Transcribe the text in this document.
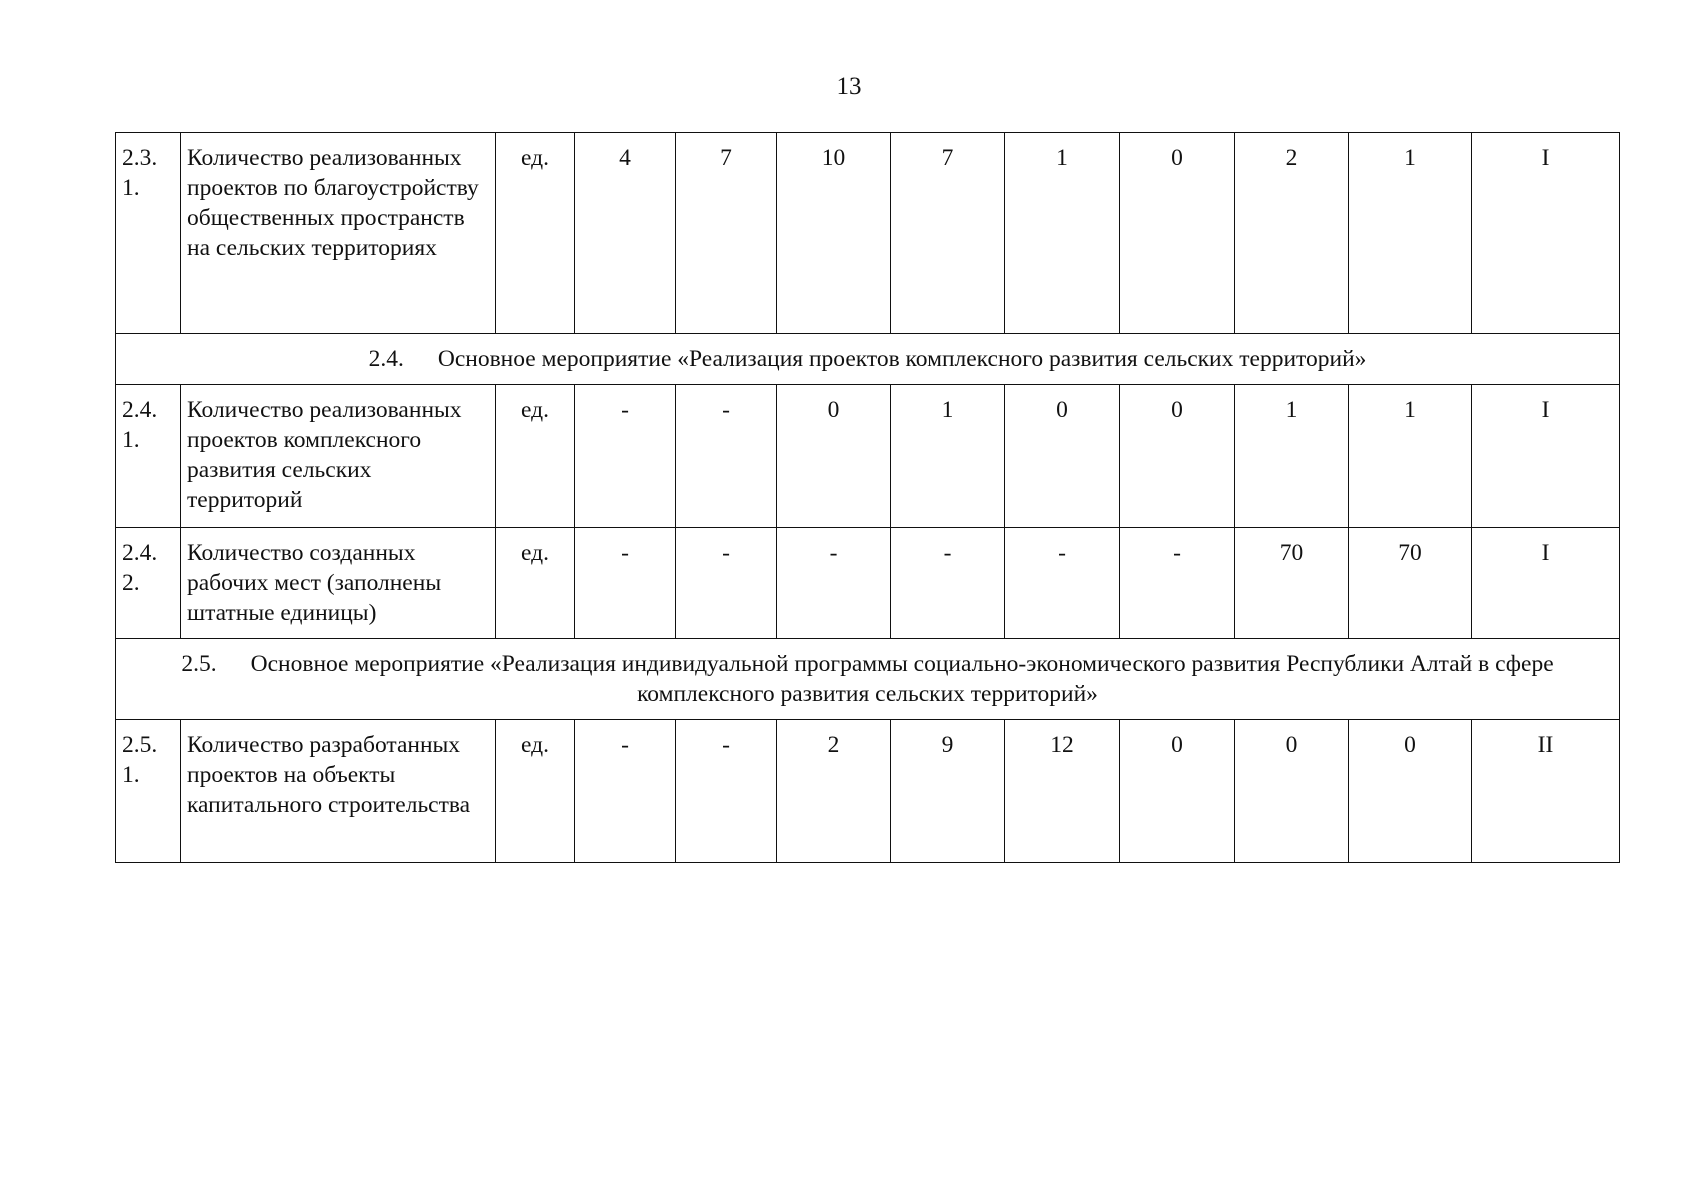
13
2.3. 1.	Количество реализованных проектов по благоустройству общественных пространств на сельских территориях	ед.	4	7	10	7	1	0	2	1	I
2.4. Основное мероприятие «Реализация проектов комплексного развития сельских территорий»											
2.4. 1.	Количество реализованных проектов комплексного развития сельских территорий	ед.	-	-	0	1	0	0	1	1	I
2.4. 2.	Количество созданных рабочих мест (заполнены штатные единицы)	ед.	-	-	-	-	-	-	70	70	I
2.5. Основное мероприятие «Реализация индивидуальной программы социально-экономического развития Республики Алтай в сфере комплексного развития сельских территорий»											
2.5. 1.	Количество разработанных проектов на объекты капитального строительства	ед.	-	-	2	9	12	0	0	0	II
